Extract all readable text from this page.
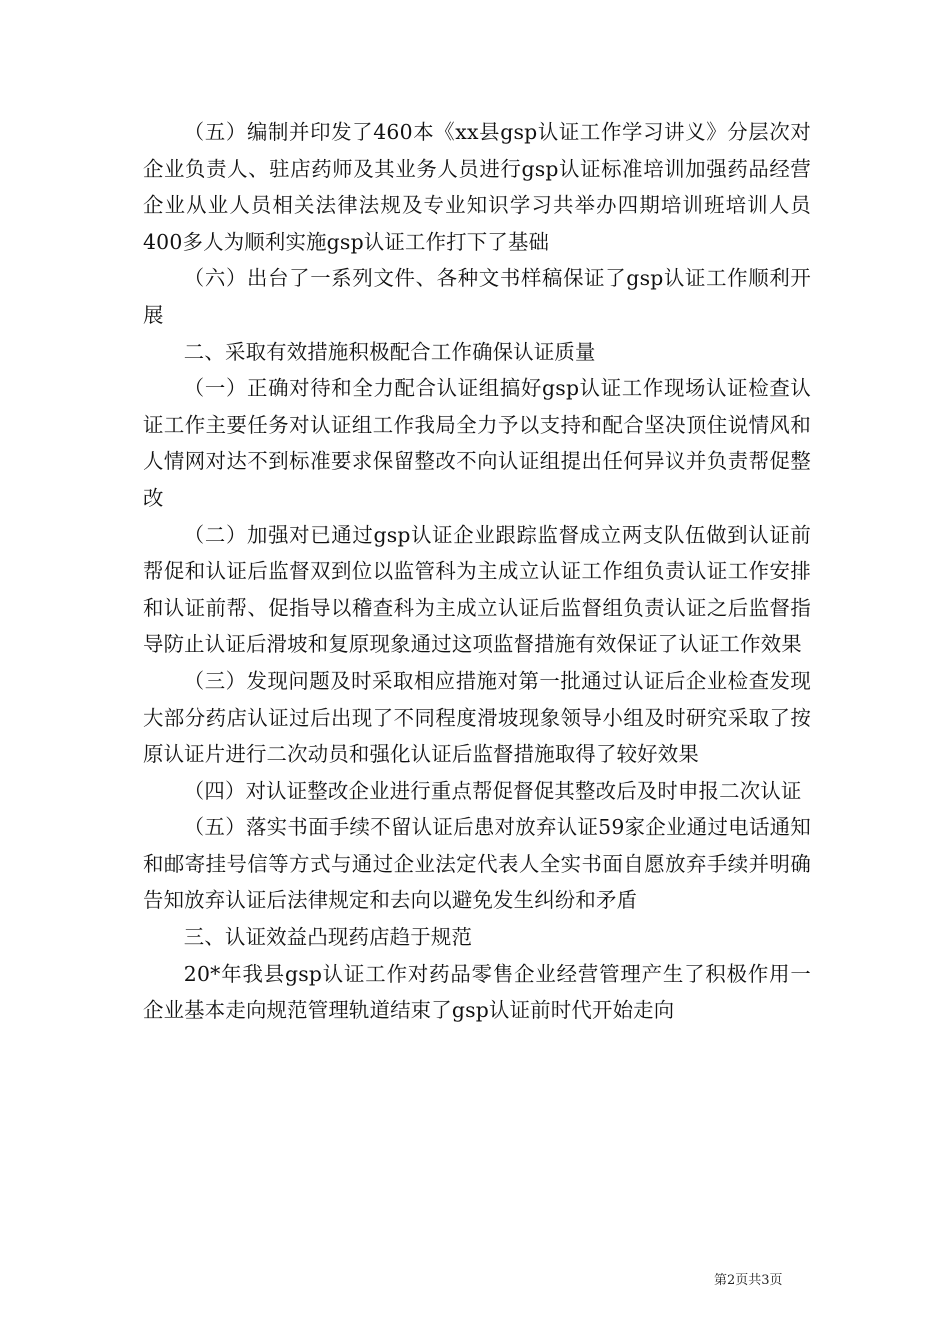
（五）编制并印发了460本《xx县gsp认证工作学习讲义》分层次对企业负责人、驻店药师及其业务人员进行gsp认证标准培训加强药品经营企业从业人员相关法律法规及专业知识学习共举办四期培训班培训人员400多人为顺利实施gsp认证工作打下了基础

（六）出台了一系列文件、各种文书样稿保证了gsp认证工作顺利开展

二、采取有效措施积极配合工作确保认证质量

（一）正确对待和全力配合认证组搞好gsp认证工作现场认证检查认证工作主要任务对认证组工作我局全力予以支持和配合坚决顶住说情风和人情网对达不到标准要求保留整改不向认证组提出任何异议并负责帮促整改

（二）加强对已通过gsp认证企业跟踪监督成立两支队伍做到认证前帮促和认证后监督双到位以监管科为主成立认证工作组负责认证工作安排和认证前帮、促指导以稽查科为主成立认证后监督组负责认证之后监督指导防止认证后滑坡和复原现象通过这项监督措施有效保证了认证工作效果

（三）发现问题及时采取相应措施对第一批通过认证后企业检查发现大部分药店认证过后出现了不同程度滑坡现象领导小组及时研究采取了按原认证片进行二次动员和强化认证后监督措施取得了较好效果

（四）对认证整改企业进行重点帮促督促其整改后及时申报二次认证

（五）落实书面手续不留认证后患对放弃认证59家企业通过电话通知和邮寄挂号信等方式与通过企业法定代表人全实书面自愿放弃手续并明确告知放弃认证后法律规定和去向以避免发生纠纷和矛盾

三、认证效益凸现药店趋于规范

20*年我县gsp认证工作对药品零售企业经营管理产生了积极作用一企业基本走向规范管理轨道结束了gsp认证前时代开始走向

第2页共3页
